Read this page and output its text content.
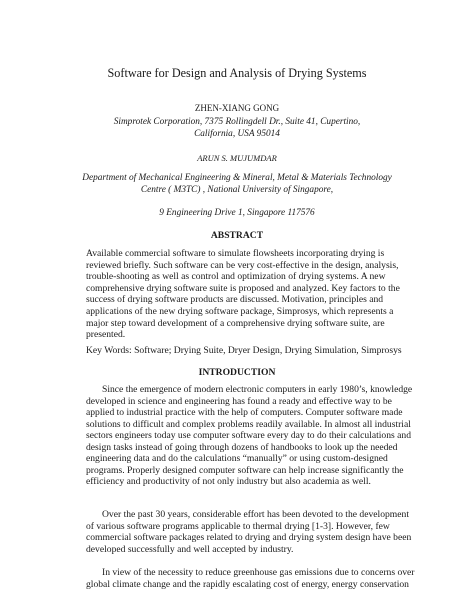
Software for Design and Analysis of Drying Systems
ZHEN-XIANG GONG
Simprotek Corporation, 7375 Rollingdell Dr., Suite 41, Cupertino,
California, USA 95014
ARUN S. MUJUMDAR
Department of Mechanical Engineering & Mineral, Metal & Materials Technology
Centre ( M3TC) , National University of Singapore,
9 Engineering Drive 1, Singapore 117576
ABSTRACT
Available commercial software to simulate flowsheets incorporating drying is
reviewed briefly. Such software can be very cost-effective in the design, analysis,
trouble-shooting as well as control and optimization of drying systems. A new
comprehensive drying software suite is proposed and analyzed. Key factors to the
success of drying software products are discussed. Motivation, principles and
applications of the new drying software package, Simprosys, which represents a
major step toward development of a comprehensive drying software suite, are
presented.
Key Words: Software; Drying Suite, Dryer Design, Drying Simulation, Simprosys
INTRODUCTION
Since the emergence of modern electronic computers in early 1980’s, knowledge
developed in science and engineering has found a ready and effective way to be
applied to industrial practice with the help of computers. Computer software made
solutions to difficult and complex problems readily available. In almost all industrial
sectors engineers today use computer software every day to do their calculations and
design tasks instead of going through dozens of handbooks to look up the needed
engineering data and do the calculations “manually” or using custom-designed
programs. Properly designed computer software can help increase significantly the
efficiency and productivity of not only industry but also academia as well.
Over the past 30 years, considerable effort has been devoted to the development
of various software programs applicable to thermal drying [1-3]. However, few
commercial software packages related to drying and drying system design have been
developed successfully and well accepted by industry.
In view of the necessity to reduce greenhouse gas emissions due to concerns over
global climate change and the rapidly escalating cost of energy, energy conservation
